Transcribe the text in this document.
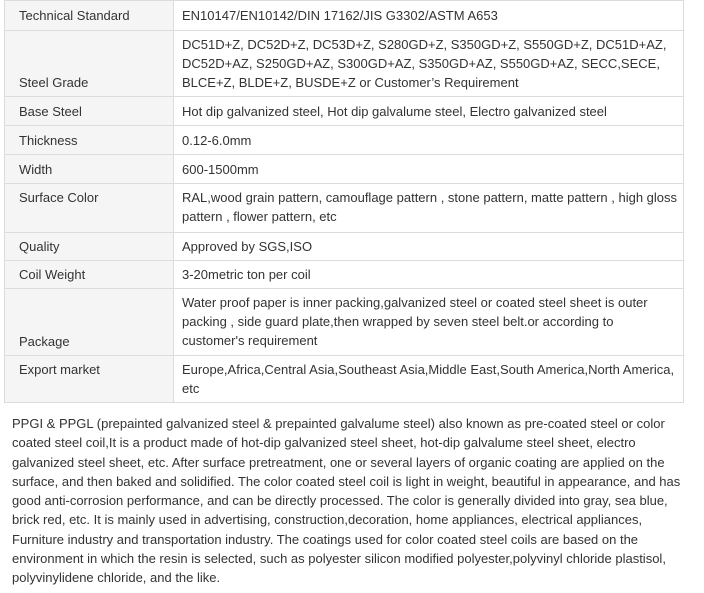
Technical Standard	EN10147/EN10142/DIN 17162/JIS G3302/ASTM A653
Steel Grade	DC51D+Z, DC52D+Z, DC53D+Z, S280GD+Z, S350GD+Z, S550GD+Z, DC51D+AZ, DC52D+AZ, S250GD+AZ, S300GD+AZ, S350GD+AZ, S550GD+AZ, SECC,SECE, BLCE+Z, BLDE+Z, BUSDE+Z or Customer’s Requirement
Base Steel	Hot dip galvanized steel, Hot dip galvalume steel, Electro galvanized steel
Thickness	0.12-6.0mm
Width	600-1500mm
Surface Color	RAL,wood grain pattern, camouflage pattern , stone pattern, matte pattern , high gloss pattern , flower pattern, etc
Quality	Approved by SGS,ISO
Coil Weight	3-20metric ton per coil
Package	Water proof paper is inner packing,galvanized steel or coated steel sheet is outer packing , side guard plate,then wrapped by seven steel belt.or according to customer's requirement
Export market	Europe,Africa,Central Asia,Southeast Asia,Middle East,South America,North America, etc

PPGI & PPGL (prepainted galvanized steel & prepainted galvalume steel) also known as pre-coated steel or color coated steel coil,It is a product made of hot-dip galvanized steel sheet, hot-dip galvalume steel sheet, electro galvanized steel sheet, etc. After surface pretreatment, one or several layers of organic coating are applied on the surface, and then baked and solidified. The color coated steel coil is light in weight, beautiful in appearance, and has good anti-corrosion performance, and can be directly processed. The color is generally divided into gray, sea blue, brick red, etc. It is mainly used in advertising, construction,decoration, home appliances, electrical appliances, Furniture industry and transportation industry. The coatings used for color coated steel coils are based on the environment in which the resin is selected, such as polyester silicon modified polyester,polyvinyl chloride plastisol, polyvinylidene chloride, and the like.
